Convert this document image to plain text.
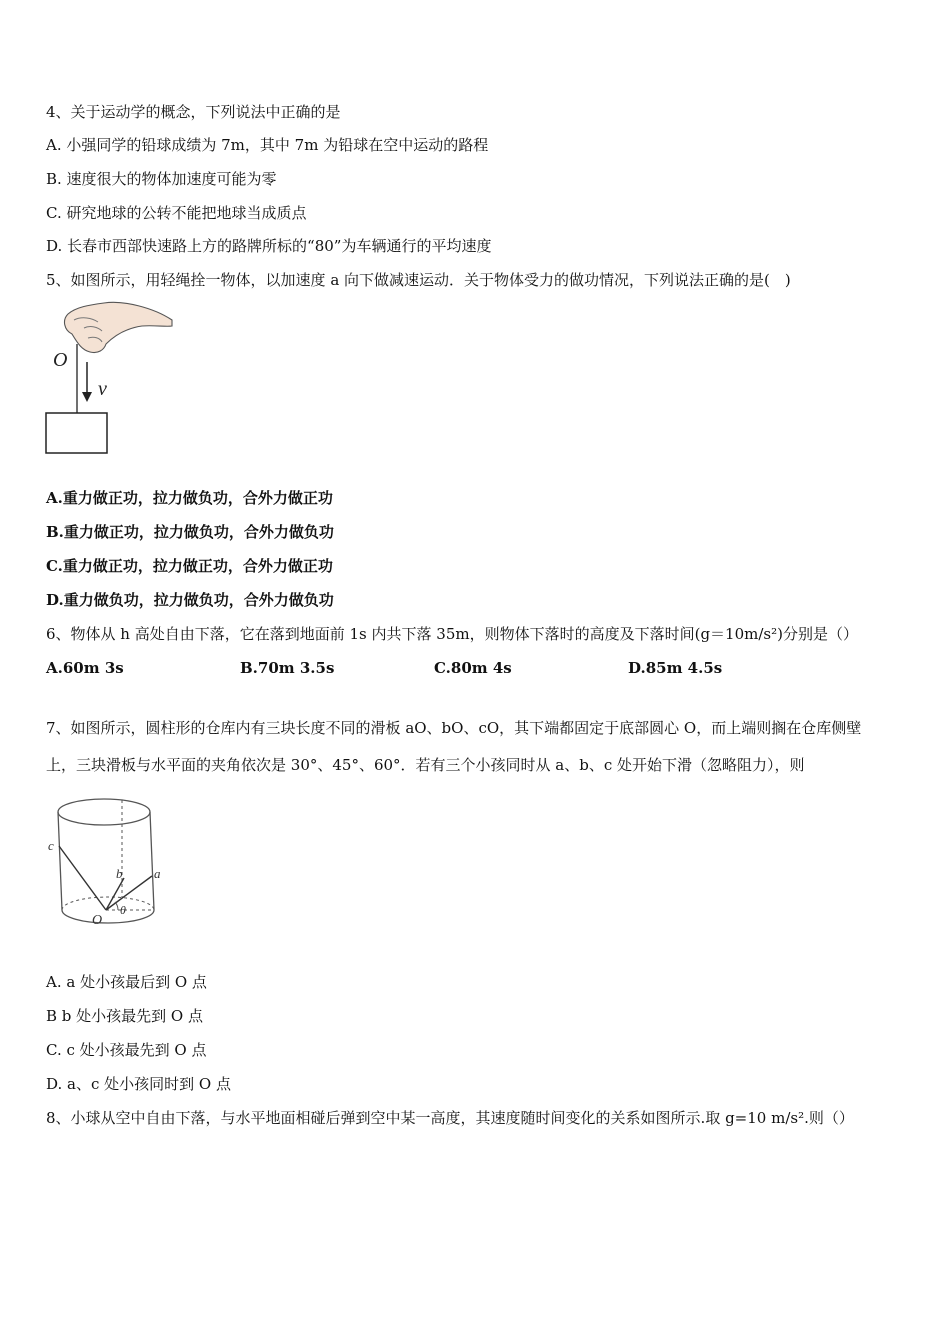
4、关于运动学的概念，下列说法中正确的是
A. 小强同学的铅球成绩为 7m，其中 7m 为铅球在空中运动的路程
B. 速度很大的物体加速度可能为零
C. 研究地球的公转不能把地球当成质点
D. 长春市西部快速路上方的路牌所标的“80”为车辆通行的平均速度
5、如图所示，用轻绳拴一物体，以加速度 a 向下做减速运动．关于物体受力的做功情况，下列说法正确的是(　)
O
v
A.重力做正功，拉力做负功，合外力做正功
B.重力做正功，拉力做负功，合外力做负功
C.重力做正功，拉力做正功，合外力做正功
D.重力做负功，拉力做负功，合外力做负功
6、物体从 h 高处自由下落，它在落到地面前 1s 内共下落 35m，则物体下落时的高度及下落时间(g＝10m/s²)分别是（）
A.60m 3s	B.70m 3.5s	C.80m 4s	D.85m 4.5s
7、如图所示，圆柱形的仓库内有三块长度不同的滑板 aO、bO、cO，其下端都固定于底部圆心 O，而上端则搁在仓库侧壁
上，三块滑板与水平面的夹角依次是 30°、45°、60°．若有三个小孩同时从 a、b、c 处开始下滑（忽略阻力），则
c
b a
O
θ
A. a 处小孩最后到 O 点
B b 处小孩最先到 O 点
C. c 处小孩最先到 O 点
D. a、c 处小孩同时到 O 点
8、小球从空中自由下落，与水平地面相碰后弹到空中某一高度，其速度随时间变化的关系如图所示.取 g=10 m/s².则（）
